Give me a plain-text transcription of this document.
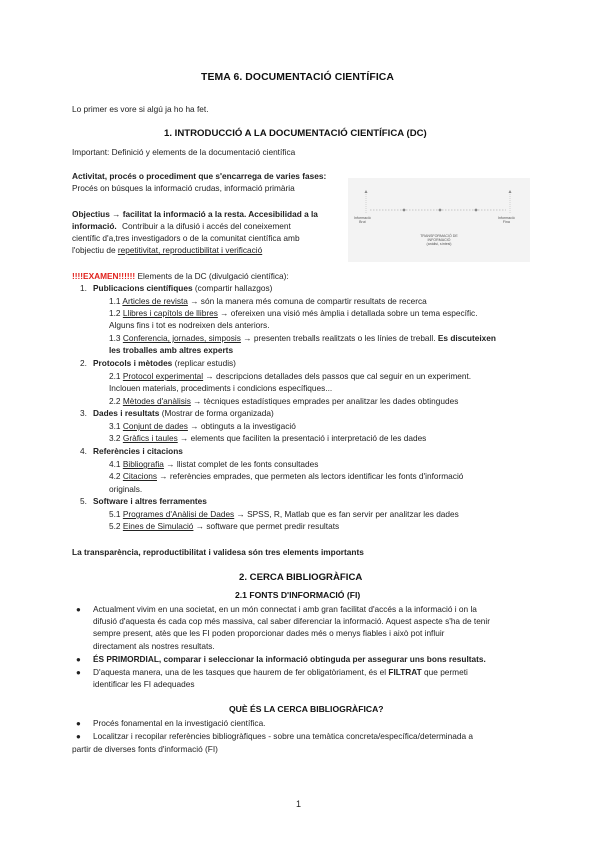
TEMA 6. DOCUMENTACIÓ CIENTÍFICA
Lo primer es vore si algú ja ho ha fet.
1. INTRODUCCIÓ A LA DOCUMENTACIÓ CIENTÍFICA (DC)
Important: Definició y elements de la documentació científica
Activitat, procés o procediment que s'encarrega de varies fases:
Procés on búsques la informació crudas, informació primària
Objectius → facilitat la informació a la resta. Accesibilidad a la
informació. Contribuir a la difusió i accés del coneixement
científic d'a,tres investigadors o de la comunitat científica amb
l'objectiu de repetitivitat, reproductibilitat i verificació
Informació
Brut
Informació
Fina
TRANSFORMACIÓ DE
INFORMACIÓ
(anàlisi, síntesi)
!!!!EXAMEN!!!!!! Elements de la DC (divulgació científica):
1. Publicacions científiques (compartir hallazgos)
1.1 Articles de revista → són la manera més comuna de compartir resultats de recerca
1.2 Llibres i capítols de llibres → ofereixen una visió més àmplia i detallada sobre un tema específic.
Alguns fins i tot es nodreixen dels anteriors.
1.3 Conferencia, jornades, simposis → presenten treballs realitzats o les línies de treball. Es discuteixen
les troballes amb altres experts
2. Protocols i mètodes (replicar estudis)
2.1 Protocol experimental → descripcions detallades dels passos que cal seguir en un experiment.
Inclouen materials, procediments i condicions específiques...
2.2 Mètodes d'anàlisis → tècniques estadístiques emprades per analitzar les dades obtingudes
3. Dades i resultats (Mostrar de forma organizada)
3.1 Conjunt de dades → obtinguts a la investigació
3.2 Gràfics i taules → elements que faciliten la presentació i interpretació de les dades
4. Referències i citacions
4.1 Bibliografia → llistat complet de les fonts consultades
4.2 Citacions → referències emprades, que permeten als lectors identificar les fonts d'informació
originals.
5. Software i altres ferramentes
5.1 Programes d'Anàlisi de Dades → SPSS, R, Matlab que es fan servir per analitzar les dades
5.2 Eines de Simulació → software que permet predir resultats
La transparència, reproductibilitat i validesa són tres elements importants
2. CERCA BIBLIOGRÀFICA
2.1 FONTS D'INFORMACIÓ (FI)
● Actualment vivim en una societat, en un món connectat i amb gran facilitat d'accés a la informació i on la
difusió d'aquesta és cada cop més massiva, cal saber diferenciar la informació. Aquest aspecte s'ha de tenir
sempre present, atès que les FI poden proporcionar dades més o menys fiables i això pot influir
directament als nostres resultats.
● ÉS PRIMORDIAL, comparar i seleccionar la informació obtinguda per assegurar uns bons resultats.
● D'aquesta manera, una de les tasques que haurem de fer obligatòriament, és el FILTRAT que permeti
identificar les FI adequades
QUÈ ÉS LA CERCA BIBLIOGRÀFICA?
● Procés fonamental en la investigació científica.
● Localitzar i recopilar referències bibliogràfiques - sobre una temàtica concreta/específica/determinada a
partir de diverses fonts d'informació (FI)
1
